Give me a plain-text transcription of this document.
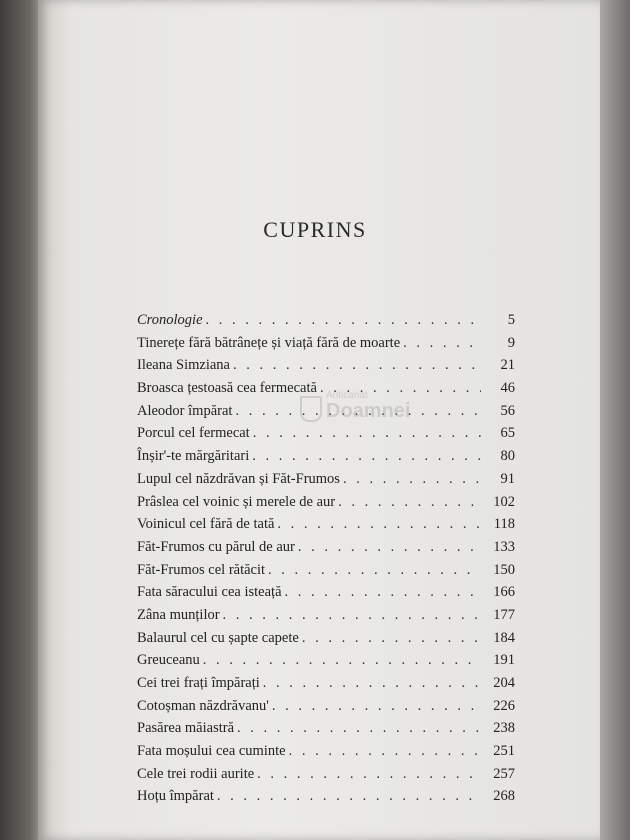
CUPRINS
Cronologie . . .	5
Tinerețe fără bătrânețe și viață fără de moarte . . .	9
Ileana Simziana . . .	21
Broasca țestoasă cea fermecată . . .	46
Aleodor împărat . . .	56
Porcul cel fermecat . . .	65
Înșir'-te mărgăritari . . .	80
Lupul cel năzdrăvan și Făt-Frumos . . .	91
Prâslea cel voinic și merele de aur . . .	102
Voinicul cel fără de tată . . .	118
Făt-Frumos cu părul de aur . . .	133
Făt-Frumos cel rătăcit . . .	150
Fata săracului cea isteață . . .	166
Zâna munților . . .	177
Balaurul cel cu șapte capete . . .	184
Greuceanu . . .	191
Cei trei frați împărați . . .	204
Cotoșman năzdrăvanu' . . .	226
Pasărea măiastră . . .	238
Fata moșului cea cuminte . . .	251
Cele trei rodii aurite . . .	257
Hoțu împărat . . .	268
Anticariat
Doamnei
